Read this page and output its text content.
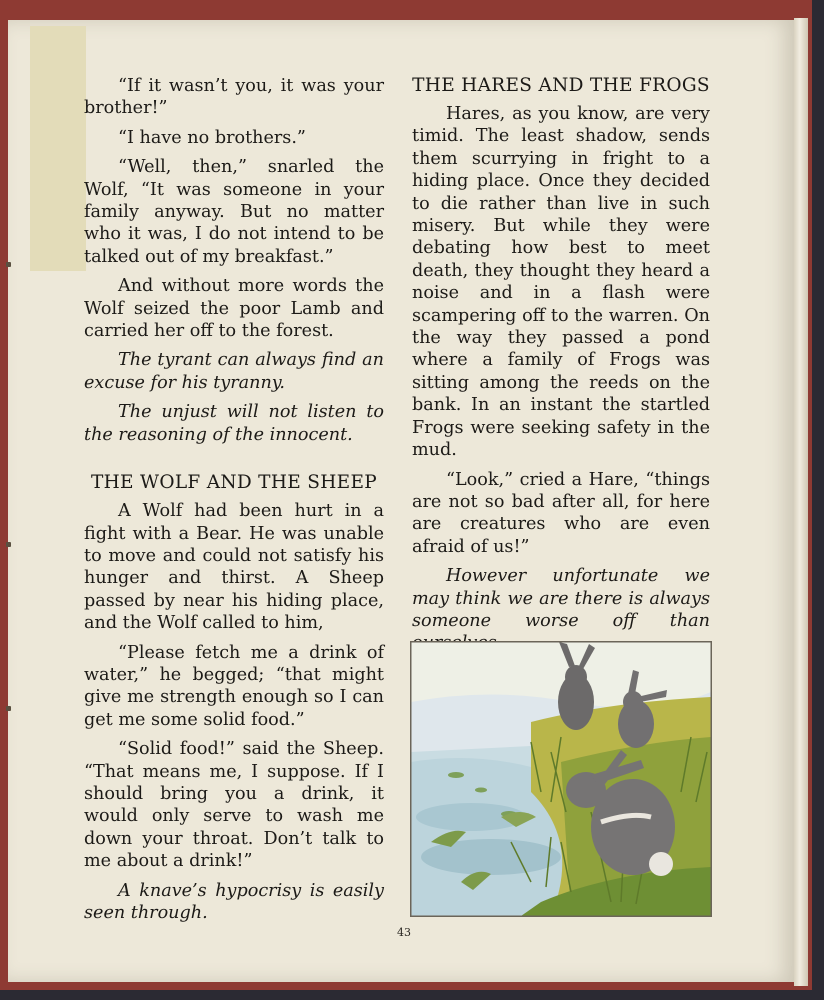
“If it wasn’t you, it was your brother!”

“I have no brothers.”

“Well, then,” snarled the Wolf, “It was someone in your family anyway. But no matter who it was, I do not intend to be talked out of my breakfast.”

And without more words the Wolf seized the poor Lamb and carried her off to the forest.

The tyrant can always find an excuse for his tyranny.

The unjust will not listen to the reasoning of the innocent.

THE WOLF AND THE SHEEP

A Wolf had been hurt in a fight with a Bear. He was unable to move and could not satisfy his hunger and thirst. A Sheep passed by near his hiding place, and the Wolf called to him,

“Please fetch me a drink of water,” he begged; “that might give me strength enough so I can get me some solid food.”

“Solid food!” said the Sheep. “That means me, I suppose. If I should bring you a drink, it would only serve to wash me down your throat. Don’t talk to me about a drink!”

A knave’s hypocrisy is easily seen through.

THE HARES AND THE FROGS

Hares, as you know, are very timid. The least shadow, sends them scurrying in fright to a hiding place. Once they decided to die rather than live in such misery. But while they were debating how best to meet death, they thought they heard a noise and in a flash were scampering off to the warren. On the way they passed a pond where a family of Frogs was sitting among the reeds on the bank. In an instant the startled Frogs were seeking safety in the mud.

“Look,” cried a Hare, “things are not so bad after all, for here are creatures who are even afraid of us!”

However unfortunate we may think we are there is always someone worse off than

43
